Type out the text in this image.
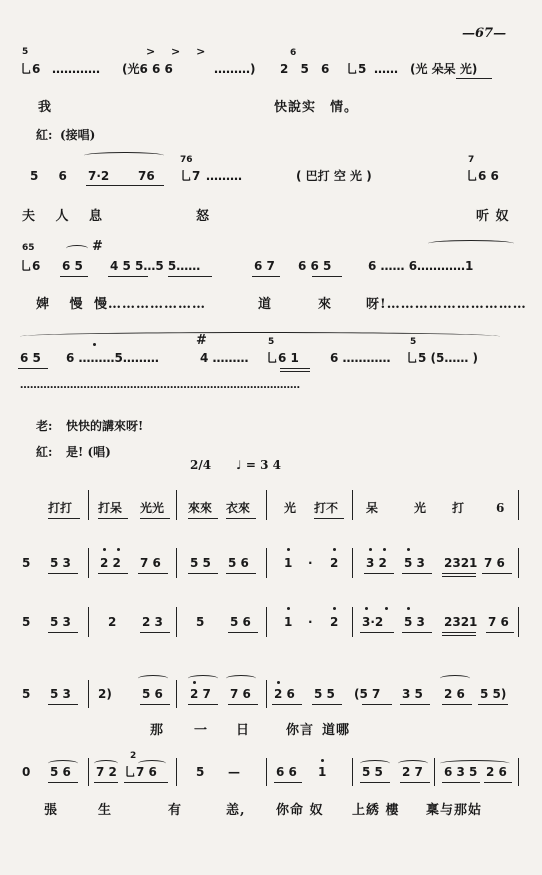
—67—
> > >
5	6
乚6 ………… (光6 6 6	………) 2 5 6 乚5 …… (光 朵呆 光)
我	快說实　情。
紅: (接唱)
76	7
5 6 7·2 76 乚7 ………	( 巴打 空 光 )	乚6 6
夫 人 息	怒	听 奴
65	#
乚6 6 5 4 5 5…5 5……	6 7 6 6 5	6 …… 6…………1
婢 慢 慢…………………	道	來	呀!…………………………
#	5	5
6 5 6 ………5………	4 ……… 乚6 1	6 ………… 乚5 (5…… )
…………………………………………………………………………
老: 快快的講來呀!
紅: 是! (唱)
2/4 ♩ = 3 4
打打 打呆 光光 來來 衣來	光 打不 呆	光 打	6
5 5 3 2 2 7 6 5 5 5 6	1 · 2 3 2 5 3 2321 7 6
5 5 3	2 2 3	5 5 6	1 · 2 3·2 5 3 2321 7 6
5 5 3 2)	5 6 2 7 7 6 2 6 5 5 (5 7 3 5 2 6 5 5)
那 一 日	你言 道哪
2
0 5 6 7 2 乚7 6	5 —	6 6 1	5 5 2 7 6 3 5 2 6
張	生	有	恙, 你命 奴 上綉 樓 稟与那姑
